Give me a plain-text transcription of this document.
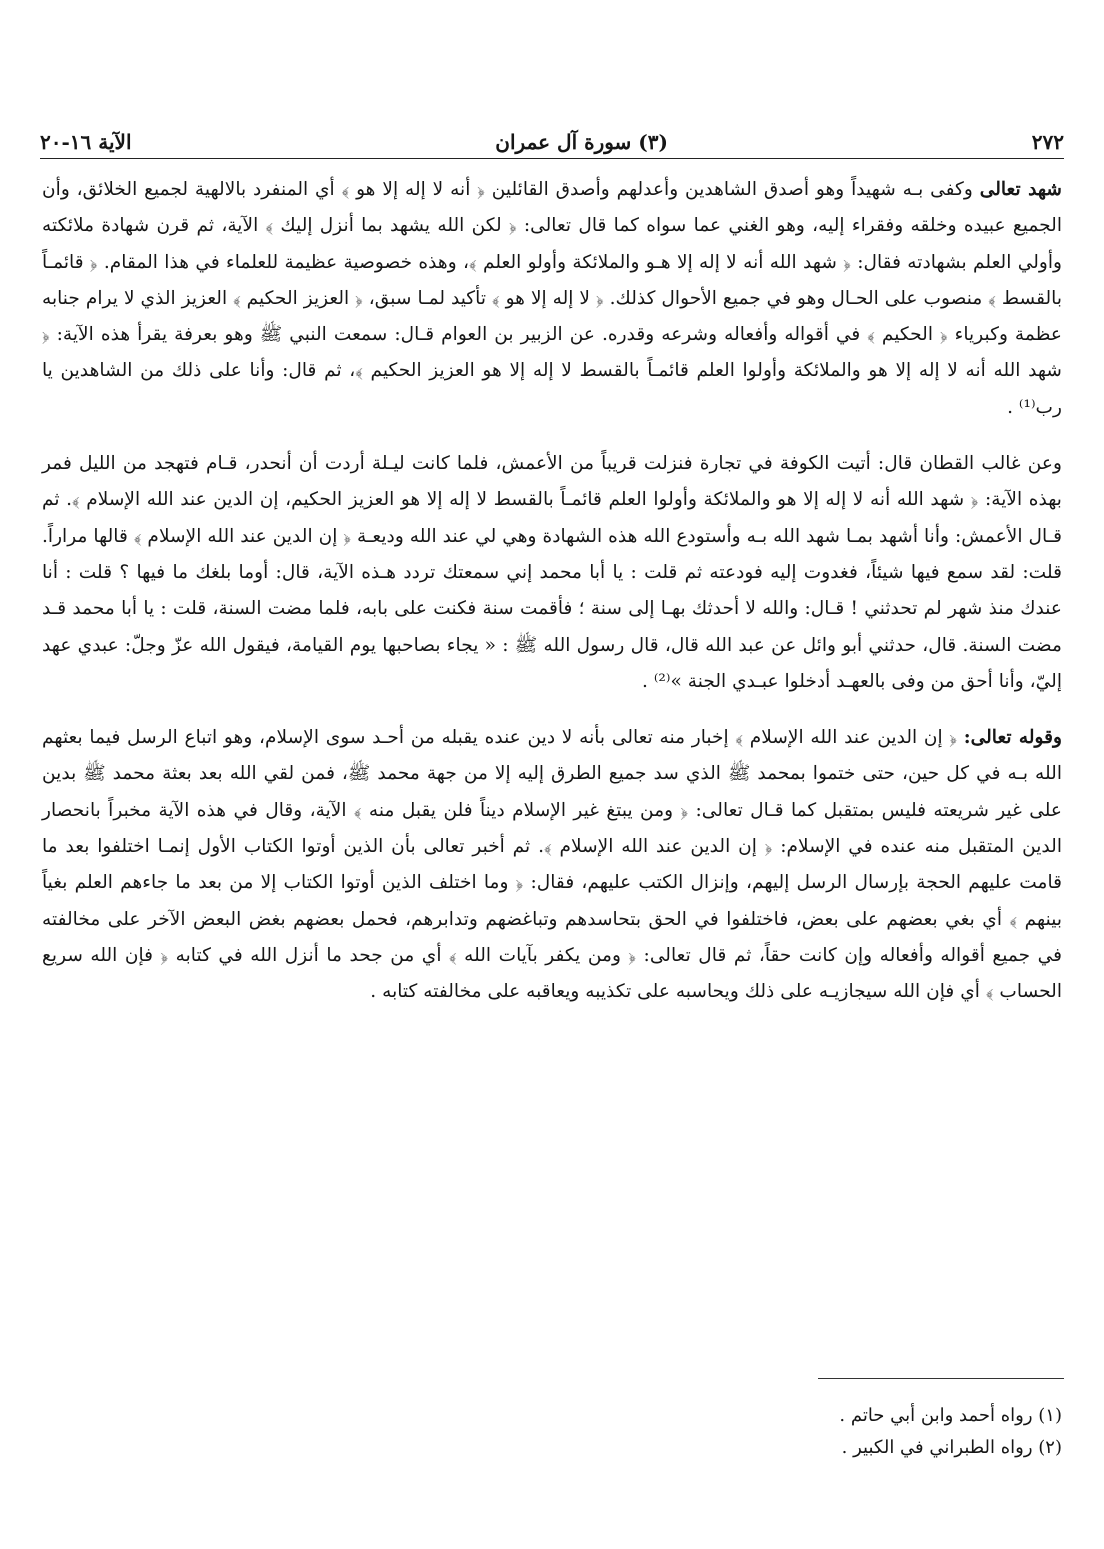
٢٧٢
(٣) سورة آل عمران
الآية ١٦-٢٠

شهد تعالى وكفى بـه شهيداً وهو أصدق الشاهدين وأعدلهم وأصدق القائلين ﴿ أنه لا إله إلا هو ﴾ أي المنفرد بالالهية لجميع الخلائق، وأن الجميع عبيده وخلقه وفقراء إليه، وهو الغني عما سواه كما قال تعالى: ﴿ لكن الله يشهد بما أنزل إليك ﴾ الآية، ثم قرن شهادة ملائكته وأولي العلم بشهادته فقال: ﴿ شهد الله أنه لا إله إلا هـو والملائكة وأولو العلم ﴾، وهذه خصوصية عظيمة للعلماء في هذا المقام. ﴿ قائمـاً بالقسط ﴾ منصوب على الحـال وهو في جميع الأحوال كذلك. ﴿ لا إله إلا هو ﴾ تأكيد لمـا سبق، ﴿ العزيز الحكيم ﴾ العزيز الذي لا يرام جنابه عظمة وكبرياء ﴿ الحكيم ﴾ في أقواله وأفعاله وشرعه وقدره. عن الزبير بن العوام قـال: سمعت النبي ﷺ وهو بعرفة يقرأ هذه الآية: ﴿ شهد الله أنه لا إله إلا هو والملائكة وأولوا العلم قائمـاً بالقسط لا إله إلا هو العزيز الحكيم ﴾، ثم قال: وأنا على ذلك من الشاهدين يا رب⁽¹⁾ .

وعن غالب القطان قال: أتيت الكوفة في تجارة فنزلت قريباً من الأعمش، فلما كانت ليـلة أردت أن أنحدر، قـام فتهجد من الليل فمر بهذه الآية: ﴿ شهد الله أنه لا إله إلا هو والملائكة وأولوا العلم قائمـاً بالقسط لا إله إلا هو العزيز الحكيم، إن الدين عند الله الإسلام ﴾. ثم قـال الأعمش: وأنا أشهد بمـا شهد الله بـه وأستودع الله هذه الشهادة وهي لي عند الله وديعـة ﴿ إن الدين عند الله الإسلام ﴾ قالها مراراً. قلت: لقد سمع فيها شيئاً، فغدوت إليه فودعته ثم قلت : يا أبا محمد إني سمعتك تردد هـذه الآية، قال: أوما بلغك ما فيها ؟ قلت : أنا عندك منذ شهر لم تحدثني ! قـال: والله لا أحدثك بهـا إلى سنة ؛ فأقمت سنة فكنت على بابه، فلما مضت السنة، قلت : يا أبا محمد قـد مضت السنة. قال، حدثني أبو وائل عن عبد الله قال، قال رسول الله ﷺ : « يجاء بصاحبها يوم القيامة، فيقول الله عزّ وجلّ: عبدي عهد إليّ، وأنا أحق من وفى بالعهـد أدخلوا عبـدي الجنة »⁽²⁾ .

وقوله تعالى: ﴿ إن الدين عند الله الإسلام ﴾ إخبار منه تعالى بأنه لا دين عنده يقبله من أحـد سوى الإسلام، وهو اتباع الرسل فيما بعثهم الله بـه في كل حين، حتى ختموا بمحمد ﷺ الذي سد جميع الطرق إليه إلا من جهة محمد ﷺ، فمن لقي الله بعد بعثة محمد ﷺ بدين على غير شريعته فليس بمتقبل كما قـال تعالى: ﴿ ومن يبتغ غير الإسلام ديناً فلن يقبل منه ﴾ الآية، وقال في هذه الآية مخبراً بانحصار الدين المتقبل منه عنده في الإسلام: ﴿ إن الدين عند الله الإسلام ﴾. ثم أخبر تعالى بأن الذين أوتوا الكتاب الأول إنمـا اختلفوا بعد ما قامت عليهم الحجة بإرسال الرسل إليهم، وإنزال الكتب عليهم، فقال: ﴿ وما اختلف الذين أوتوا الكتاب إلا من بعد ما جاءهم العلم بغياً بينهم ﴾ أي بغي بعضهم على بعض، فاختلفوا في الحق بتحاسدهم وتباغضهم وتدابرهم، فحمل بعضهم بغض البعض الآخر على مخالفته في جميع أقواله وأفعاله وإن كانت حقاً، ثم قال تعالى: ﴿ ومن يكفر بآيات الله ﴾ أي من جحد ما أنزل الله في كتابه ﴿ فإن الله سريع الحساب ﴾ أي فإن الله سيجازيـه على ذلك ويحاسبه على تكذيبه ويعاقبه على مخالفته كتابه .

(١) رواه أحمد وابن أبي حاتم .
(٢) رواه الطبراني في الكبير .
